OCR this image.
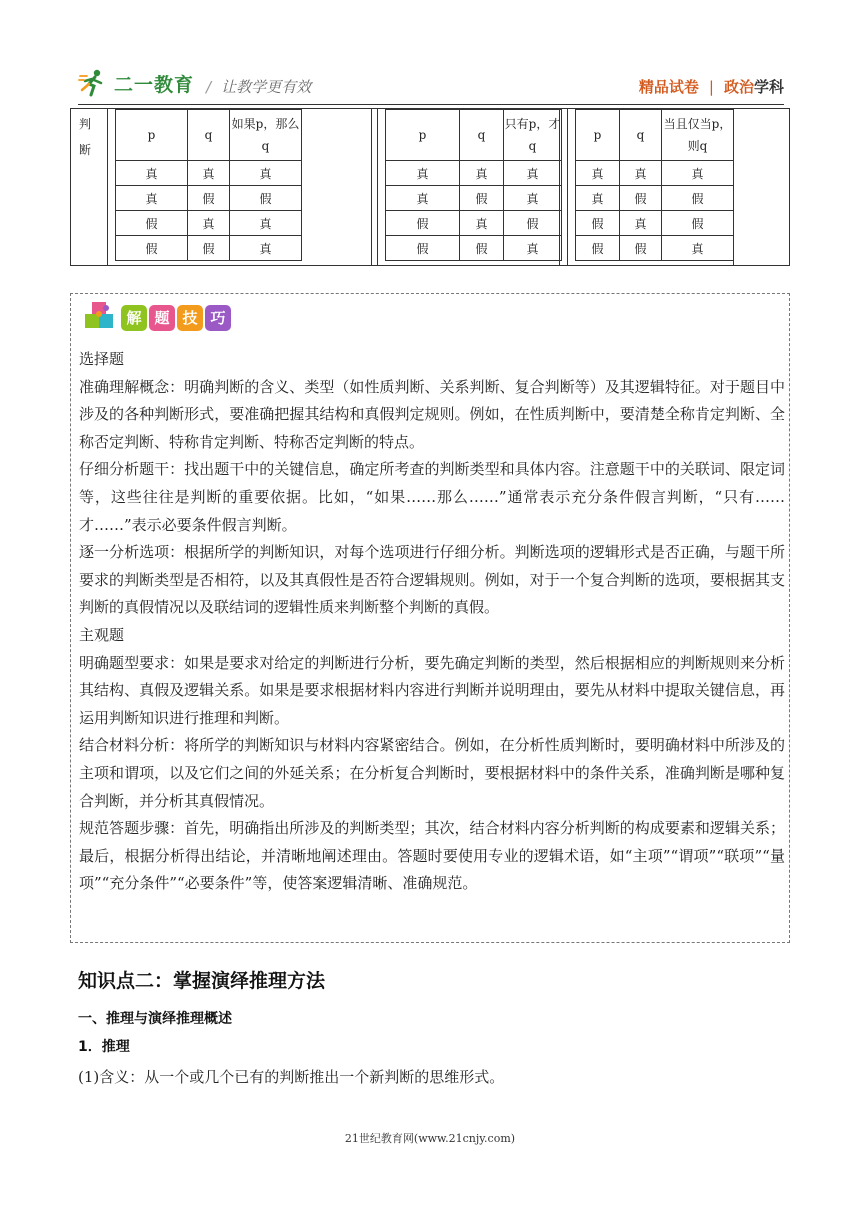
二一教育 / 让教学更有效	精品试卷 | 政治学科
判断
p	q	如果p，那么q
真	真	真
真	假	假
假	真	真
假	假	真
p	q	只有p，才q
真	真	真
真	假	真
假	真	假
假	假	真
p	q	当且仅当p，则q
真	真	真
真	假	假
假	真	假
假	假	真
解 题 技 巧

选择题

准确理解概念：明确判断的含义、类型（如性质判断、关系判断、复合判断等）及其逻辑特征。对于题目中涉及的各种判断形式，要准确把握其结构和真假判定规则。例如，在性质判断中，要清楚全称肯定判断、全称否定判断、特称肯定判断、特称否定判断的特点。

仔细分析题干：找出题干中的关键信息，确定所考查的判断类型和具体内容。注意题干中的关联词、限定词等，这些往往是判断的重要依据。比如，“如果……那么……”通常表示充分条件假言判断，“只有……才……”表示必要条件假言判断。

逐一分析选项：根据所学的判断知识，对每个选项进行仔细分析。判断选项的逻辑形式是否正确，与题干所要求的判断类型是否相符，以及其真假性是否符合逻辑规则。例如，对于一个复合判断的选项，要根据其支判断的真假情况以及联结词的逻辑性质来判断整个判断的真假。

主观题

明确题型要求：如果是要求对给定的判断进行分析，要先确定判断的类型，然后根据相应的判断规则来分析其结构、真假及逻辑关系。如果是要求根据材料内容进行判断并说明理由，要先从材料中提取关键信息，再运用判断知识进行推理和判断。

结合材料分析：将所学的判断知识与材料内容紧密结合。例如，在分析性质判断时，要明确材料中所涉及的主项和谓项，以及它们之间的外延关系；在分析复合判断时，要根据材料中的条件关系，准确判断是哪种复合判断，并分析其真假情况。

规范答题步骤：首先，明确指出所涉及的判断类型；其次，结合材料内容分析判断的构成要素和逻辑关系；最后，根据分析得出结论，并清晰地阐述理由。答题时要使用专业的逻辑术语，如“主项”“谓项”“联项”“量项”“充分条件”“必要条件”等，使答案逻辑清晰、准确规范。

知识点二：掌握演绎推理方法
一、推理与演绎推理概述
1．推理
(1)含义：从一个或几个已有的判断推出一个新判断的思维形式。
21世纪教育网(www.21cnjy.com)
